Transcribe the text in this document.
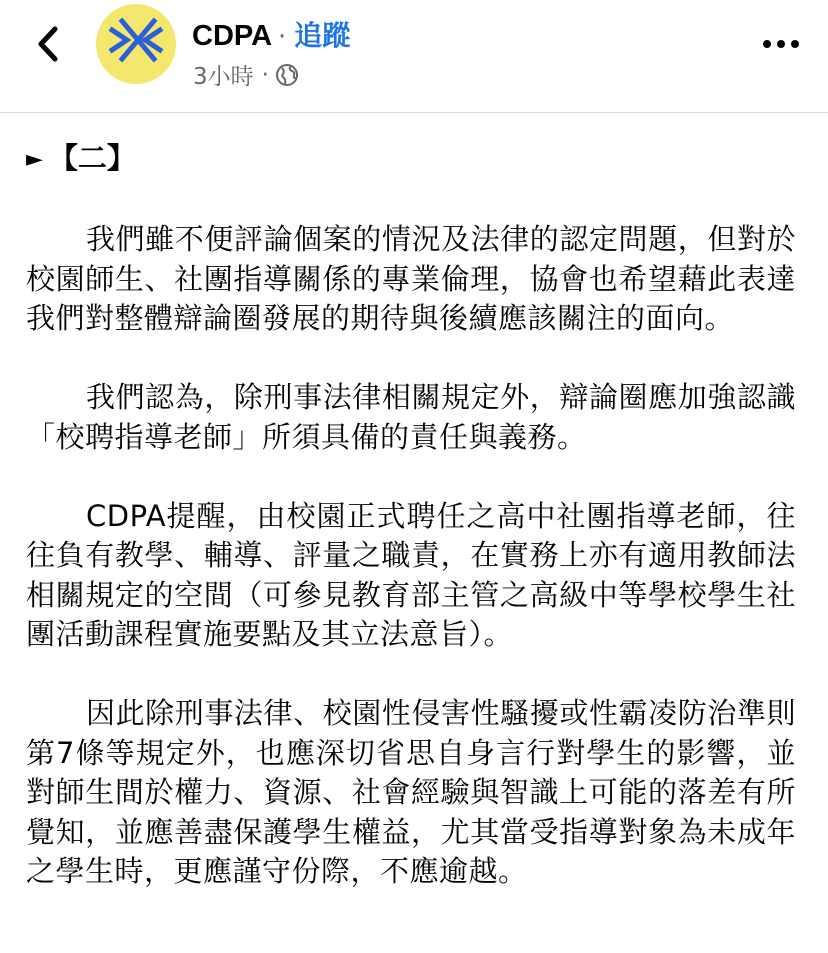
CDPA · 追蹤
3小時 ·
► 【二】

我們雖不便評論個案的情況及法律的認定問題，但對於校園師生、社團指導關係的專業倫理，協會也希望藉此表達我們對整體辯論圈發展的期待與後續應該關注的面向。

我們認為，除刑事法律相關規定外，辯論圈應加強認識「校聘指導老師」所須具備的責任與義務。

CDPA提醒，由校園正式聘任之高中社團指導老師，往往負有教學、輔導、評量之職責，在實務上亦有適用教師法相關規定的空間（可參見教育部主管之高級中等學校學生社團活動課程實施要點及其立法意旨）。

因此除刑事法律、校園性侵害性騷擾或性霸凌防治準則第7條等規定外，也應深切省思自身言行對學生的影響，並對師生間於權力、資源、社會經驗與智識上可能的落差有所覺知，並應善盡保護學生權益，尤其當受指導對象為未成年之學生時，更應謹守份際，不應逾越。
